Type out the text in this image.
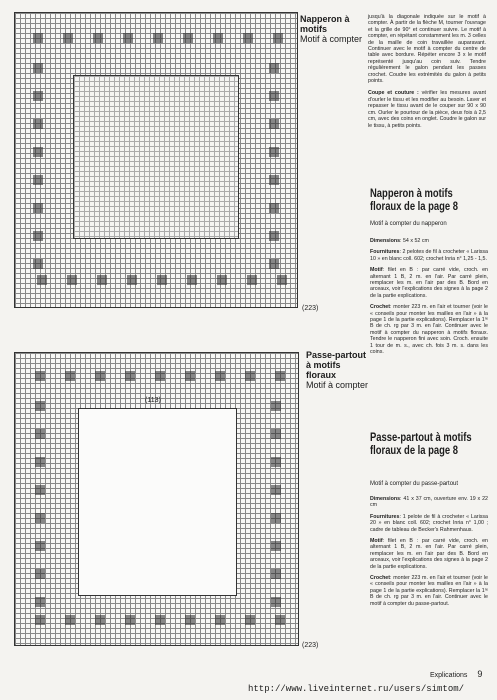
(223)
Napperon à
motifs
Motif à compter
(113)
(223)
Passe-partout
à motifs
floraux
Motif à compter
jusqu'à la diagonale indiquée sur le motif à compter. À partir de la flèche M, tourner l'ouvrage et la grille de 90° et continuer suivre. Le motif à compter, en répétant constamment les m. 3 celles de la maille de coin travaillée auparavant. Continuer avec le motif à compter du centre de table avec bordure. Répéter encore 3 x le motif représenté jusqu'au coin suiv. Tendre régulièrement le galon pendant les passes crochet. Coudre les extrémités du galon à petits points.
Coupe et couture : vérifier les mesures avant d'ourler le tissu et les modifier au besoin. Laver et repasser le tissu avant de le couper sur 90 x 90 cm. Ourler le pourtour de la pièce, deux fois à 2,5 cm, avec des coins en onglet. Coudre le galon sur le tissu, à petits points.
Napperon à motifs floraux de la page 8
Motif à compter du napperon
Dimensions: 54 x 52 cm
Fournitures: 2 pelotes de fil à crocheter « Larissa 10 » en blanc coll. 602; crochet Inria n° 1,25 - 1,5.
Motif: filet en B : par carré vide, croch. en alternant 1 B, 2 m. en l'air. Par carré plein, remplacer les m. en l'air par des B. Bord en arceaux, voir l'explications des signes à la page 2 de la partie explications.
Crochet: monter 223 m. en l'air et tourner (voir le « conseils pour monter les mailles en l'air » à la page 1 de la partie explications). Remplacer la 1ʳᵉ B de ch. rg par 3 m. en l'air. Continuer avec le motif à compter du napperon à motifs floraux. Tendre le napperon fini avec soin. Croch. ensuite 1 tour de m. s., avec ch. fois 3 m. s. dans les coins.
Passe-partout à motifs floraux de la page 8
Motif à compter du passe-partout
Dimensions: 41 x 37 cm, ouverture env. 19 x 22 cm
Fournitures: 1 pelote de fil à crocheter « Larissa 20 » en blanc coll. 602; crochet Inria n° 1,00 ; cadre de tableau de Becker's Rahmenhaus.
Motif: filet en B : par carré vide, croch. en alternant 1 B, 2 m. en l'air. Par carré plein, remplacer les m. en l'air par des B. Bord en arceaux, voir l'explications des signes à la page 2 de la partie explications.
Crochet: monter 223 m. en l'air et tourner (voir le « conseils pour monter les mailles en l'air » à la page 1 de la partie explications). Remplacer la 1ʳᵉ B de ch. rg par 3 m. en l'air. Continuer avec le motif à compter du passe-partout.
Explications 9
http://www.liveinternet.ru/users/simtom/
